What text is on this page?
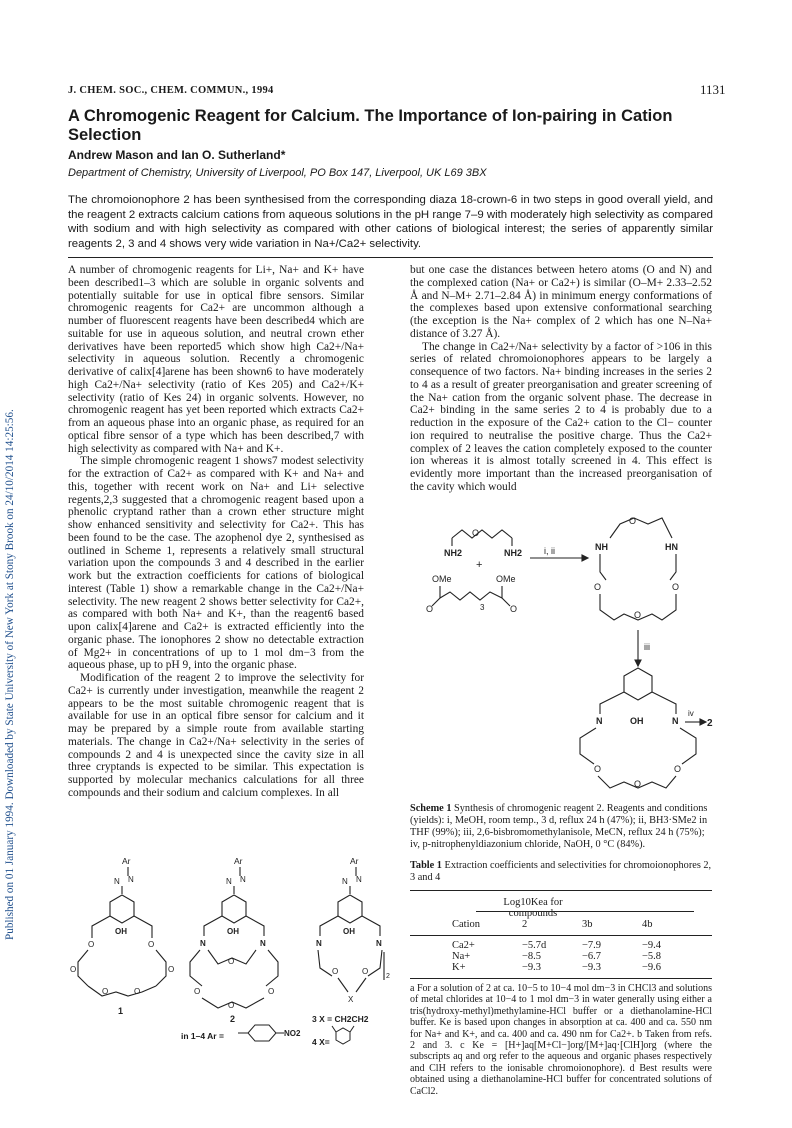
Published on 01 January 1994. Downloaded by State University of New York at Stony Brook on 24/10/2014 14:25:56.
J. CHEM. SOC., CHEM. COMMUN., 1994	1131
A Chromogenic Reagent for Calcium. The Importance of Ion-pairing in Cation Selection
Andrew Mason and Ian O. Sutherland*
Department of Chemistry, University of Liverpool, PO Box 147, Liverpool, UK L69 3BX
The chromoionophore 2 has been synthesised from the corresponding diaza 18-crown-6 in two steps in good overall yield, and the reagent 2 extracts calcium cations from aqueous solutions in the pH range 7–9 with moderately high selectivity as compared with sodium and with high selectivity as compared with other cations of biological interest; the series of apparently similar reagents 2, 3 and 4 shows very wide variation in Na+/Ca2+ selectivity.

A number of chromogenic reagents for Li+, Na+ and K+ have been described1–3 which are soluble in organic solvents and potentially suitable for use in optical fibre sensors. Similar chromogenic reagents for Ca2+ are uncommon although a number of fluorescent reagents have been described4 which are suitable for use in aqueous solution, and neutral crown ether derivatives have been reported5 which show high Ca2+/Na+ selectivity in aqueous solution. Recently a chromogenic derivative of calix[4]arene has been shown6 to have moderately high Ca2+/Na+ selectivity (ratio of Kes 205) and Ca2+/K+ selectivity (ratio of Kes 24) in organic solvents. However, no chromogenic reagent has yet been reported which extracts Ca2+ from an aqueous phase into an organic phase, as required for an optical fibre sensor of a type which has been described,7 with high selectivity as compared with Na+ and K+.

The simple chromogenic reagent 1 shows7 modest selectivity for the extraction of Ca2+ as compared with K+ and Na+ and this, together with recent work on Na+ and Li+ selective regents,2,3 suggested that a chromogenic reagent based upon a phenolic cryptand rather than a crown ether structure might show enhanced sensitivity and selectivity for Ca2+. This has been found to be the case. The azophenol dye 2, synthesised as outlined in Scheme 1, represents a relatively small structural variation upon the compounds 3 and 4 described in the earlier work but the extraction coefficients for cations of biological interest (Table 1) show a remarkable change in the Ca2+/Na+ selectivity. The new reagent 2 shows better selectivity for Ca2+, as compared with both Na+ and K+, than the reagent6 based upon calix[4]arene and Ca2+ is extracted efficiently into the organic phase. The ionophores 2 show no detectable extraction of Mg2+ in concentrations of up to 1 mol dm−3 from the aqueous phase, up to pH 9, into the organic phase.

Modification of the reagent 2 to improve the selectivity for Ca2+ is currently under investigation, meanwhile the reagent 2 appears to be the most suitable chromogenic reagent that is available for use in an optical fibre sensor for calcium and it may be prepared by a simple route from available starting materials. The change in Ca2+/Na+ selectivity in the series of compounds 2 and 4 is unexpected since the cavity size in all three cryptands is expected to be similar. This expectation is supported by molecular mechanics calculations for all three compounds and their sodium and calcium complexes. In all

but one case the distances between hetero atoms (O and N) and the complexed cation (Na+ or Ca2+) is similar (O–M+ 2.33–2.52 Å and N–M+ 2.71–2.84 Å) in minimum energy conformations of the complexes based upon extensive conformational searching (the exception is the Na+ complex of 2 which has one N–Na+ distance of 3.27 Å).

The change in Ca2+/Na+ selectivity by a factor of >106 in this series of related chromoionophores appears to be largely a consequence of two factors. Na+ binding increases in the series 2 to 4 as a result of greater preorganisation and greater screening of the Na+ cation from the organic solvent phase. The decrease in Ca2+ binding in the same series 2 to 4 is probably due to a reduction in the exposure of the Ca2+ cation to the Cl− counter ion required to neutralise the positive charge. Thus the Ca2+ complex of 2 leaves the cation completely exposed to the counter ion whereas it is almost totally screened in 4. This effect is evidently more important than the increased preorganisation of the cavity which would

O
NH2	NH2
+
OMe	OMe
3
O	O
i, ii
O
NH	HN
O	O
O
iii
N	N
OH
O	O
O
iv
2
Scheme 1 Synthesis of chromogenic reagent 2. Reagents and conditions (yields): i, MeOH, room temp., 3 d, reflux 24 h (47%); ii, BH3·SMe2 in THF (99%); iii, 2,6-bisbromomethylanisole, MeCN, reflux 24 h (75%); iv, p-nitrophenyldiazonium chloride, NaOH, 0 °C (84%).
Table 1 Extraction coefficients and selectivities for chromoionophores 2, 3 and 4
Log10Kea for compounds
Cation	2	3b	4b
Ca2+	−5.7d	−7.9	−9.4
Na+	−8.5	−6.7	−5.8
K+	−9.3	−9.3	−9.6
a For a solution of 2 at ca. 10−5 to 10−4 mol dm−3 in CHCl3 and solutions of metal chlorides at 10−4 to 1 mol dm−3 in water generally using either a tris(hydroxy-methyl)methylamine-HCl buffer or a diethanolamine-HCl buffer. Ke is based upon changes in absorption at ca. 400 and ca. 550 nm for Na+ and K+, and ca. 400 and ca. 490 nm for Ca2+. b Taken from refs. 2 and 3. c Ke = [H+]aq[M+Cl−]org/[M+]aq·[ClH]org (where the subscripts aq and org refer to the aqueous and organic phases respectively and ClH refers to the ionisable chromoionophore). d Best results were obtained using a diethanolamine-HCl buffer for concentrated solutions of CaCl2.
Ar
N N
OH
O	O
O	O
O	O
1
Ar
N N
N	N
OH
O
O	O
O
2
Ar
N N
N	N
OH
O	O
X
2
3 X = CH2CH2
in 1–4 Ar =	NO2
4 X=
